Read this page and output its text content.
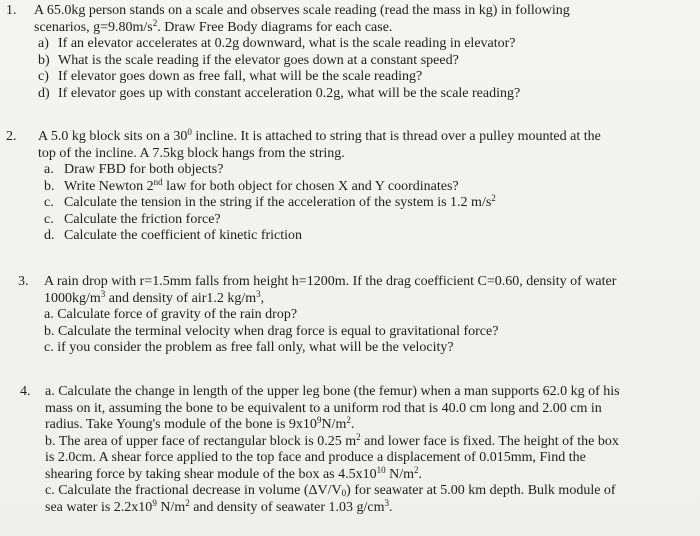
1. A 65.0kg person stands on a scale and observes scale reading (read the mass in kg) in following
scenarios, $g=9.80m/s^2$. Draw Free Body diagrams for each case.
a) If an elevator accelerates at 0.2g downward, what is the scale reading in elevator?
b) What is the scale reading if the elevator goes down at a constant speed?
c) If elevator goes down as free fall, what will be the scale reading?
d) If elevator goes up with constant acceleration 0.2g, what will be the scale reading?
2. A 5.0 kg block sits on a $30^0$ incline. It is attached to string that is thread over a pulley mounted at the
top of the incline. A 7.5kg block hangs from the string.
a. Draw FBD for both objects?
b. Write Newton 2nd law for both object for chosen X and Y coordinates?
c. Calculate the tension in the string if the acceleration of the system is 1.2 $m/s^2$
c. Calculate the friction force?
d. Calculate the coefficient of kinetic friction
3. A rain drop with r=1.5mm falls from height h=1200m. If the drag coefficient C=0.60, density of water
$1000kg/m^3$ and density of air1.2 $kg/m^3$,
a. Calculate force of gravity of the rain drop?
b. Calculate the terminal velocity when drag force is equal to gravitational force?
c. if you consider the problem as free fall only, what will be the velocity?
4. a. Calculate the change in length of the upper leg bone (the femur) when a man supports 62.0 kg of his
mass on it, assuming the bone to be equivalent to a uniform rod that is 40.0 cm long and 2.00 cm in
radius. Take Young's module of the bone is $9x10^9N/m^2$.
b. The area of upper face of rectangular block is 0.25 $m^2$ and lower face is fixed. The height of the box
is 2.0cm. A shear force applied to the top face and produce a displacement of 0.015mm, Find the
shearing force by taking shear module of the box as $4.5x10^{10}$ $N/m^2$.
c. Calculate the fractional decrease in volume $(\Delta V/V_0)$ for seawater at 5.00 km depth. Bulk module of
sea water is $2.2x10^9$ $N/m^2$ and density of seawater 1.03 $g/cm^3$.
